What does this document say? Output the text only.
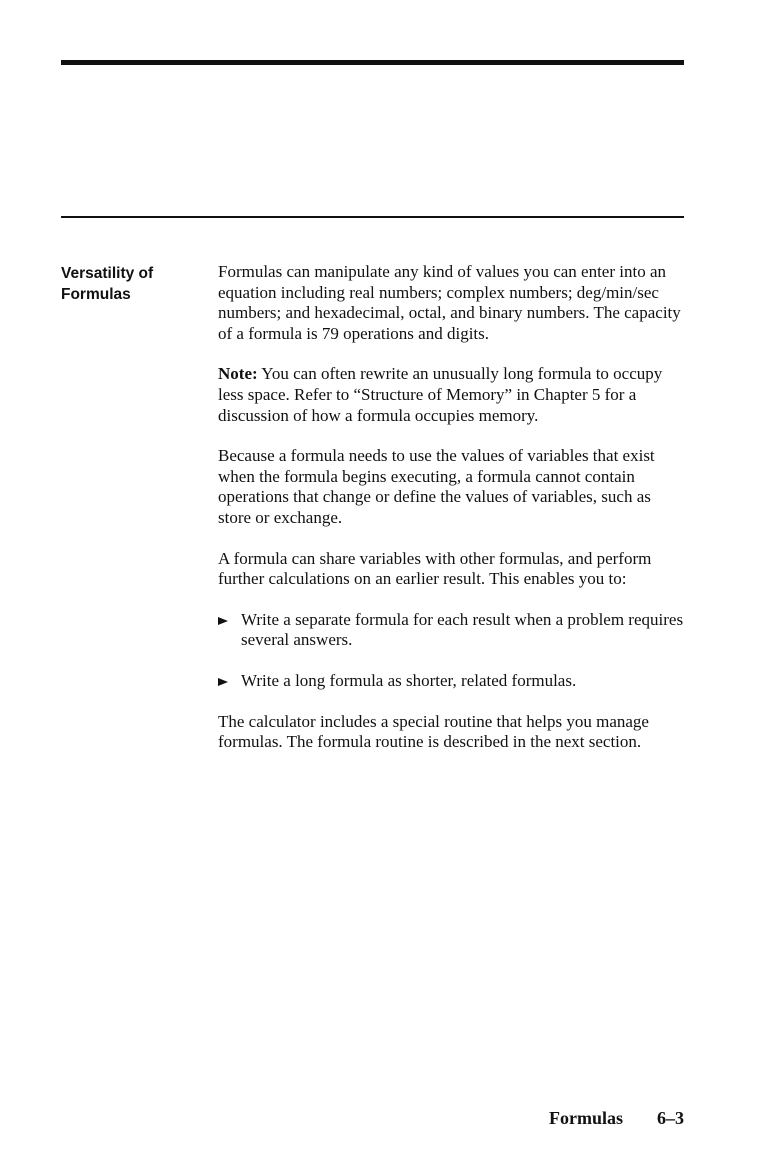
Versatility of
Formulas

Formulas can manipulate any kind of values you can enter into an equation including real numbers; complex numbers; deg/min/sec numbers; and hexadecimal, octal, and binary numbers. The capacity of a formula is 79 operations and digits.

Note: You can often rewrite an unusually long formula to occupy less space. Refer to “Structure of Memory” in Chapter 5 for a discussion of how a formula occupies memory.

Because a formula needs to use the values of variables that exist when the formula begins executing, a formula cannot contain operations that change or define the values of variables, such as store or exchange.

A formula can share variables with other formulas, and perform further calculations on an earlier result. This enables you to:

Write a separate formula for each result when a problem requires several answers.
Write a long formula as shorter, related formulas.

The calculator includes a special routine that helps you manage formulas. The formula routine is described in the next section.

Formulas 6–3
